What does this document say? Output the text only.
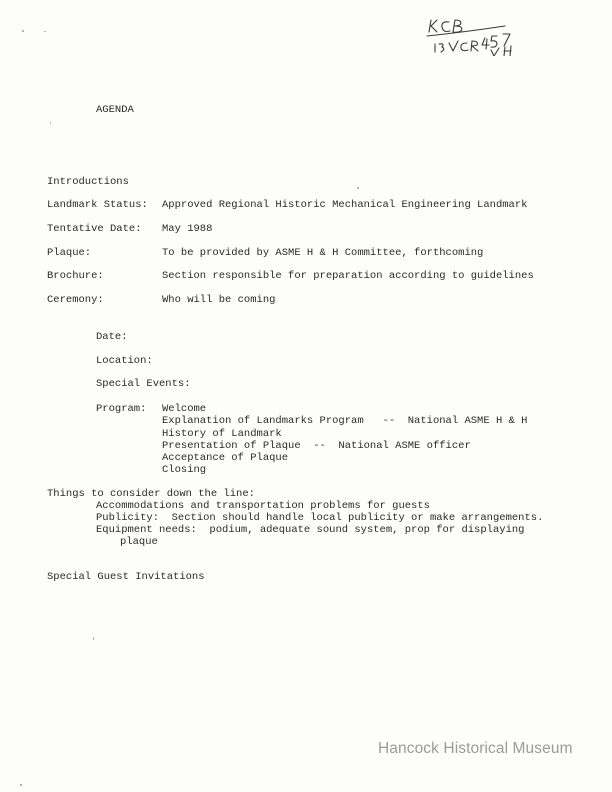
AGENDA
Introductions
Landmark Status: Approved Regional Historic Mechanical Engineering Landmark
Tentative Date: May 1988
Plaque:	To be provided by ASME H & H Committee, forthcoming
Brochure:	Section responsible for preparation according to guidelines
Ceremony:	Who will be coming
Date:
Location:
Special Events:
Program: Welcome
Explanation of Landmarks Program   --  National ASME H & H
History of Landmark
Presentation of Plaque  --  National ASME officer
Acceptance of Plaque
Closing
Things to consider down the line:
Accommodations and transportation problems for guests
Publicity:  Section should handle local publicity or make arrangements.
Equipment needs:  podium, adequate sound system, prop for displaying
plaque
Special Guest Invitations
Hancock Historical Museum
